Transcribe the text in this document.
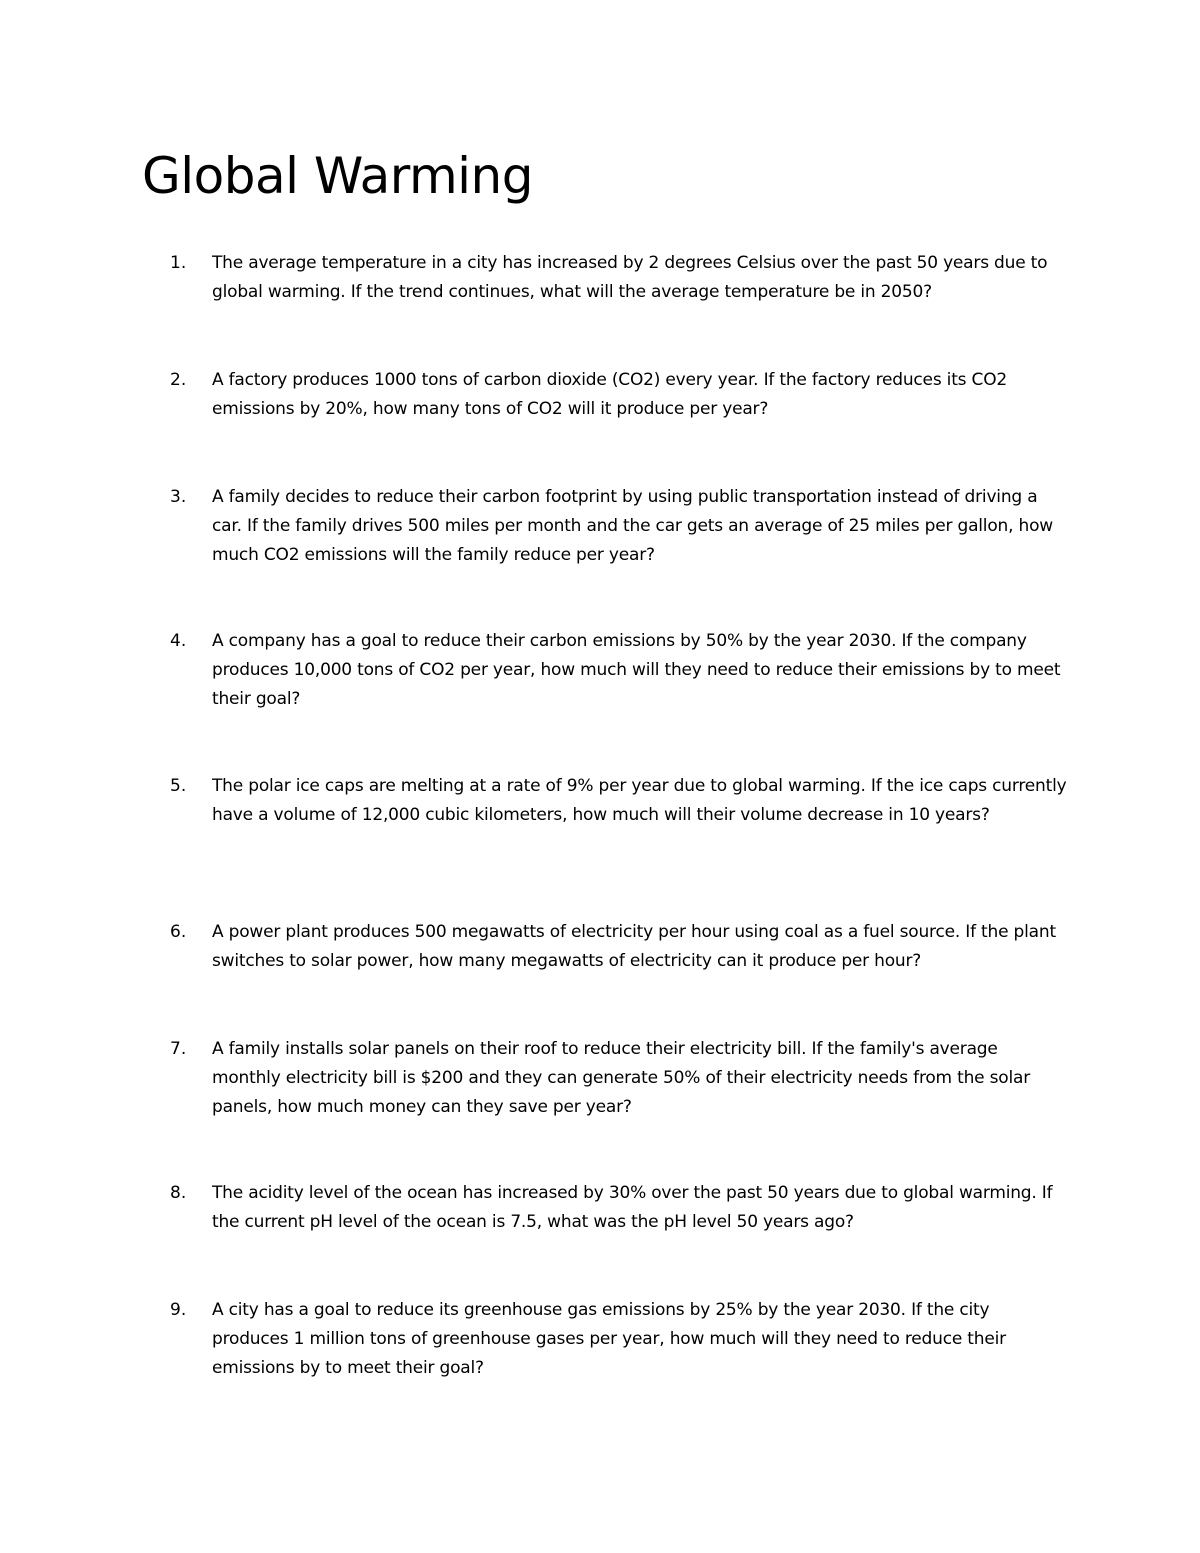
Global Warming
1.	The average temperature in a city has increased by 2 degrees Celsius over the past 50 years due to global warming. If the trend continues, what will the average temperature be in 2050?

2.	A factory produces 1000 tons of carbon dioxide (CO2) every year. If the factory reduces its CO2 emissions by 20%, how many tons of CO2 will it produce per year?

3.	A family decides to reduce their carbon footprint by using public transportation instead of driving a car. If the family drives 500 miles per month and the car gets an average of 25 miles per gallon, how much CO2 emissions will the family reduce per year?

4.	A company has a goal to reduce their carbon emissions by 50% by the year 2030. If the company produces 10,000 tons of CO2 per year, how much will they need to reduce their emissions by to meet their goal?

5.	The polar ice caps are melting at a rate of 9% per year due to global warming. If the ice caps currently have a volume of 12,000 cubic kilometers, how much will their volume decrease in 10 years?

6.	A power plant produces 500 megawatts of electricity per hour using coal as a fuel source. If the plant switches to solar power, how many megawatts of electricity can it produce per hour?

7.	A family installs solar panels on their roof to reduce their electricity bill. If the family's average monthly electricity bill is $200 and they can generate 50% of their electricity needs from the solar panels, how much money can they save per year?

8.	The acidity level of the ocean has increased by 30% over the past 50 years due to global warming. If the current pH level of the ocean is 7.5, what was the pH level 50 years ago?

9.	A city has a goal to reduce its greenhouse gas emissions by 25% by the year 2030. If the city produces 1 million tons of greenhouse gases per year, how much will they need to reduce their emissions by to meet their goal?
